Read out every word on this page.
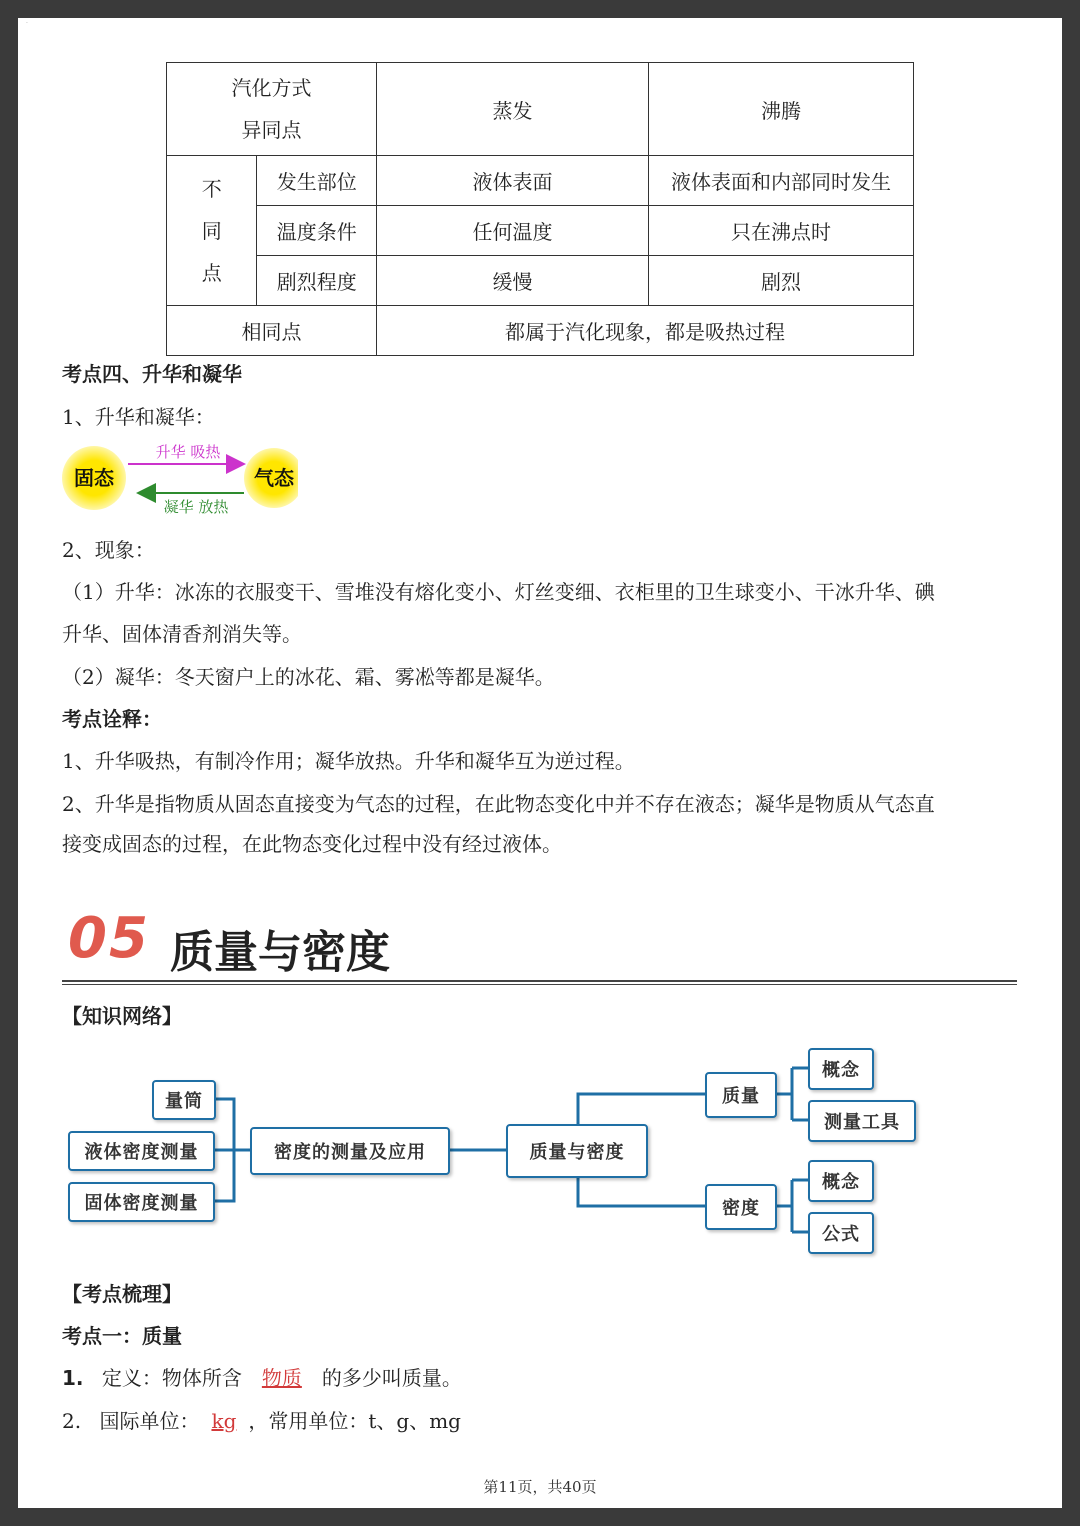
·
汽化方式
异同点		蒸发	沸腾

不
同
点	发生部位	液体表面	液体表面和内部同时发生
	温度条件	任何温度	只在沸点时
	剧烈程度	缓慢	剧烈
相同点		都属于汽化现象，都是吸热过程	
考点四、升华和凝华
1、升华和凝华：
固态	气态
升华 吸热
凝华 放热
2、现象：
（1）升华：冰冻的衣服变干、雪堆没有熔化变小、灯丝变细、衣柜里的卫生球变小、干冰升华、碘
升华、固体清香剂消失等。
（2）凝华：冬天窗户上的冰花、霜、雾凇等都是凝华。
考点诠释：
1、升华吸热，有制冷作用；凝华放热。升华和凝华互为逆过程。
2、升华是指物质从固态直接变为气态的过程，在此物态变化中并不存在液态；凝华是物质从气态直
接变成固态的过程，在此物态变化过程中没有经过液体。
05 质量与密度
【知识网络】
量筒
液体密度测量
固体密度测量
密度的测量及应用	质量与密度
质量
密度
概念
测量工具
概念
公式
【考点梳理】
考点一：质量
1. 定义：物体所含 物质 的多少叫质量。
2. 国际单位： kg ，常用单位：t、g、mg
第11页，共40页
